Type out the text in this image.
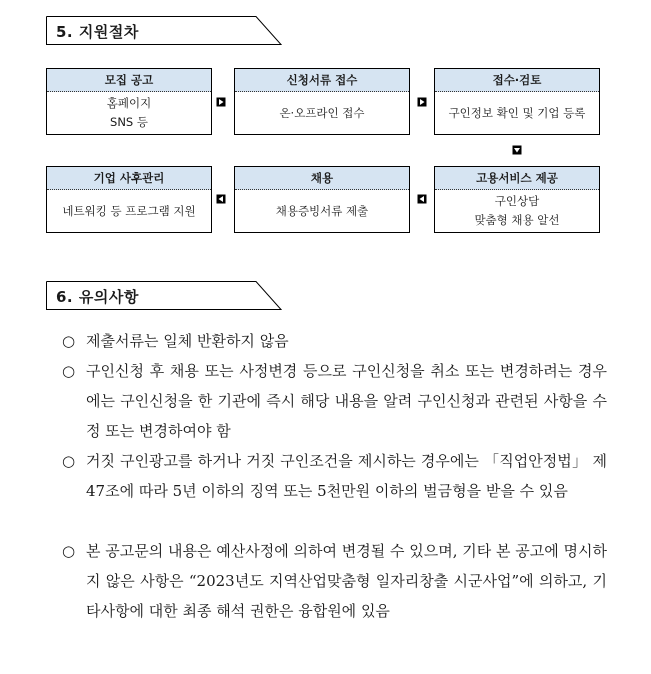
5. 지원절차
모집 공고
홈페이지
SNS 등
신청서류 접수
온·오프라인 접수
접수·검토
구인정보 확인 및 기업 등록
기업 사후관리
네트워킹 등 프로그램 지원
채용
채용증빙서류 제출
고용서비스 제공
구인상담
맞춤형 채용 알선
6. 유의사항
○ 제출서류는 일체 반환하지 않음
○ 구인신청 후 채용 또는 사정변경 등으로 구인신청을 취소 또는 변경하려는 경우에는 구인신청을 한 기관에 즉시 해당 내용을 알려 구인신청과 관련된 사항을 수정 또는 변경하여야 함
○ 거짓 구인광고를 하거나 거짓 구인조건을 제시하는 경우에는 「직업안정법」 제47조에 따라 5년 이하의 징역 또는 5천만원 이하의 벌금형을 받을 수 있음
○ 본 공고문의 내용은 예산사정에 의하여 변경될 수 있으며, 기타 본 공고에 명시하지 않은 사항은 “2023년도 지역산업맞춤형 일자리창출 시군사업”에 의하고, 기타사항에 대한 최종 해석 권한은 융합원에 있음
